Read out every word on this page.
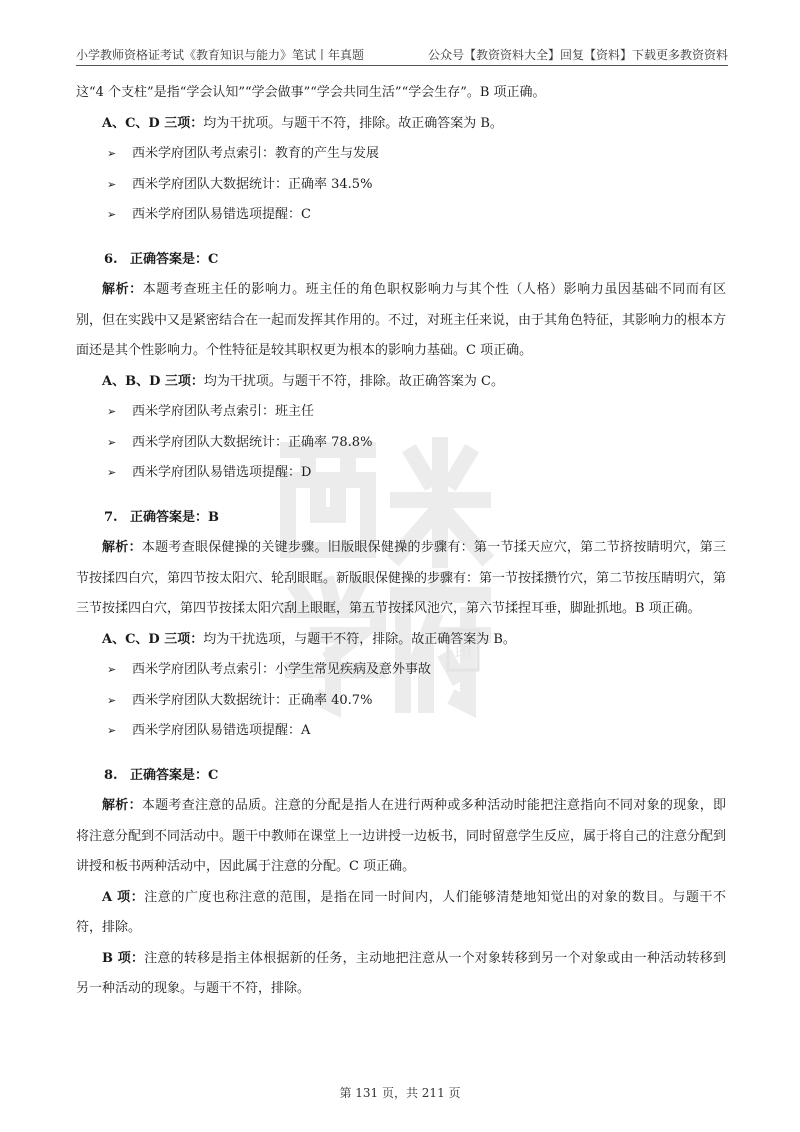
小学教师资格证考试《教育知识与能力》笔试丨年真题	公众号【教资资料大全】回复【资料】下载更多教资资料
印

这“4 个支柱”是指“学会认知”“学会做事”“学会共同生活”“学会生存”。B 项正确。

A、C、D 三项：均为干扰项。与题干不符，排除。故正确答案为 B。

➢ 西米学府团队考点索引：教育的产生与发展

➢ 西米学府团队大数据统计：正确率 34.5%

➢ 西米学府团队易错选项提醒：C

6. 正确答案是：C

解析：本题考查班主任的影响力。班主任的角色职权影响力与其个性（人格）影响力虽因基础不同而有区别，但在实践中又是紧密结合在一起而发挥其作用的。不过，对班主任来说，由于其角色特征，其影响力的根本方面还是其个性影响力。个性特征是较其职权更为根本的影响力基础。C 项正确。

A、B、D 三项：均为干扰项。与题干不符，排除。故正确答案为 C。

➢ 西米学府团队考点索引：班主任

➢ 西米学府团队大数据统计：正确率 78.8%

➢ 西米学府团队易错选项提醒：D

7. 正确答案是：B

解析：本题考查眼保健操的关键步骤。旧版眼保健操的步骤有：第一节揉天应穴，第二节挤按睛明穴，第三节按揉四白穴，第四节按太阳穴、轮刮眼眶。新版眼保健操的步骤有：第一节按揉攒竹穴，第二节按压睛明穴，第三节按揉四白穴，第四节按揉太阳穴刮上眼眶，第五节按揉风池穴，第六节揉捏耳垂，脚趾抓地。B 项正确。

A、C、D 三项：均为干扰选项，与题干不符，排除。故正确答案为 B。

➢ 西米学府团队考点索引：小学生常见疾病及意外事故

➢ 西米学府团队大数据统计：正确率 40.7%

➢ 西米学府团队易错选项提醒：A

8. 正确答案是：C

解析：本题考查注意的品质。注意的分配是指人在进行两种或多种活动时能把注意指向不同对象的现象，即将注意分配到不同活动中。题干中教师在课堂上一边讲授一边板书，同时留意学生反应，属于将自己的注意分配到讲授和板书两种活动中，因此属于注意的分配。C 项正确。

A 项：注意的广度也称注意的范围，是指在同一时间内，人们能够清楚地知觉出的对象的数目。与题干不符，排除。

B 项：注意的转移是指主体根据新的任务，主动地把注意从一个对象转移到另一个对象或由一种活动转移到另一种活动的现象。与题干不符，排除。

第 131 页，共 211 页
